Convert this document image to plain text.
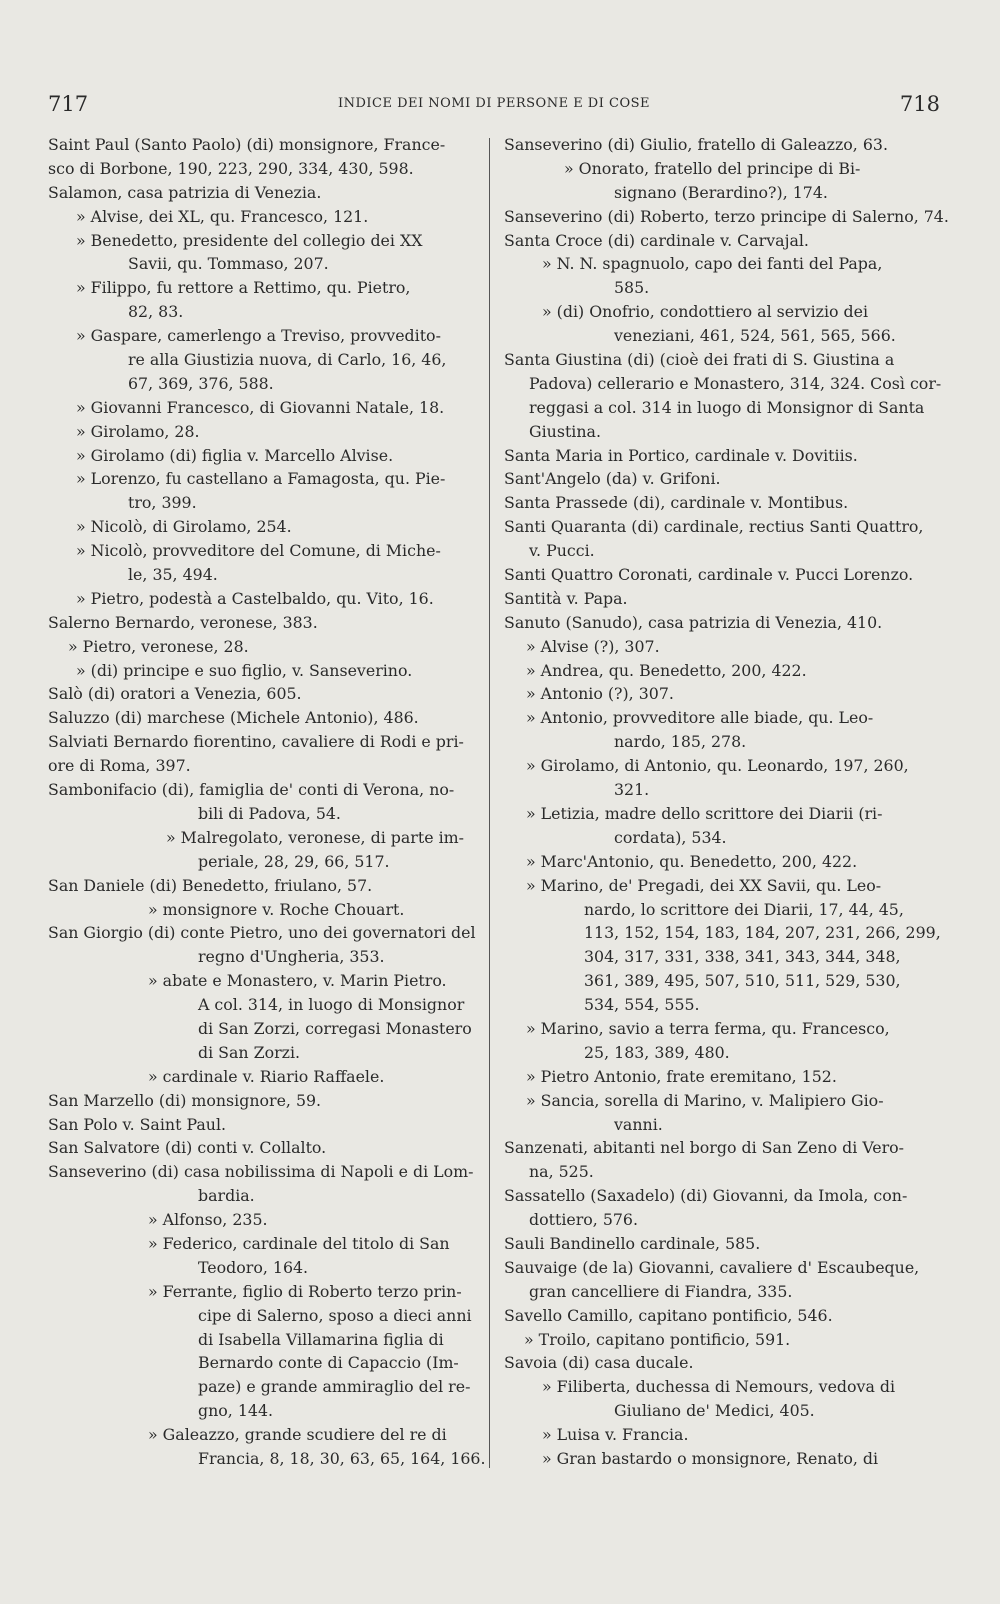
717	INDICE DEI NOMI DI PERSONE E DI COSE	718
Saint Paul (Santo Paolo) (di) monsignore, France-
sco di Borbone, 190, 223, 290, 334, 430, 598.
Salamon, casa patrizia di Venezia.
» Alvise, dei XL, qu. Francesco, 121.
» Benedetto, presidente del collegio dei XX
Savii, qu. Tommaso, 207.
» Filippo, fu rettore a Rettimo, qu. Pietro,
82, 83.
» Gaspare, camerlengo a Treviso, provvedito-
re alla Giustizia nuova, di Carlo, 16, 46,
67, 369, 376, 588.
» Giovanni Francesco, di Giovanni Natale, 18.
» Girolamo, 28.
» Girolamo (di) figlia v. Marcello Alvise.
» Lorenzo, fu castellano a Famagosta, qu. Pie-
tro, 399.
» Nicolò, di Girolamo, 254.
» Nicolò, provveditore del Comune, di Miche-
le, 35, 494.
» Pietro, podestà a Castelbaldo, qu. Vito, 16.
Salerno Bernardo, veronese, 383.
» Pietro, veronese, 28.
» (di) principe e suo figlio, v. Sanseverino.
Salò (di) oratori a Venezia, 605.
Saluzzo (di) marchese (Michele Antonio), 486.
Salviati Bernardo fiorentino, cavaliere di Rodi e pri-
ore di Roma, 397.
Sambonifacio (di), famiglia de' conti di Verona, no-
bili di Padova, 54.
» Malregolato, veronese, di parte im-
periale, 28, 29, 66, 517.
San Daniele (di) Benedetto, friulano, 57.
» monsignore v. Roche Chouart.
San Giorgio (di) conte Pietro, uno dei governatori del
regno d'Ungheria, 353.
» abate e Monastero, v. Marin Pietro.
A col. 314, in luogo di Monsignor
di San Zorzi, corregasi Monastero
di San Zorzi.
» cardinale v. Riario Raffaele.
San Marzello (di) monsignore, 59.
San Polo v. Saint Paul.
San Salvatore (di) conti v. Collalto.
Sanseverino (di) casa nobilissima di Napoli e di Lom-
bardia.
» Alfonso, 235.
» Federico, cardinale del titolo di San
Teodoro, 164.
» Ferrante, figlio di Roberto terzo prin-
cipe di Salerno, sposo a dieci anni
di Isabella Villamarina figlia di
Bernardo conte di Capaccio (Im-
paze) e grande ammiraglio del re-
gno, 144.
» Galeazzo, grande scudiere del re di
Francia, 8, 18, 30, 63, 65, 164, 166.
Sanseverino (di) Giulio, fratello di Galeazzo, 63.
» Onorato, fratello del principe di Bi-
signano (Berardino?), 174.
Sanseverino (di) Roberto, terzo principe di Salerno, 74.
Santa Croce (di) cardinale v. Carvajal.
» N. N. spagnuolo, capo dei fanti del Papa,
585.
» (di) Onofrio, condottiero al servizio dei
veneziani, 461, 524, 561, 565, 566.
Santa Giustina (di) (cioè dei frati di S. Giustina a
Padova) cellerario e Monastero, 314, 324. Così cor-
reggasi a col. 314 in luogo di Monsignor di Santa
Giustina.
Santa Maria in Portico, cardinale v. Dovitiis.
Sant'Angelo (da) v. Grifoni.
Santa Prassede (di), cardinale v. Montibus.
Santi Quaranta (di) cardinale, rectius Santi Quattro,
v. Pucci.
Santi Quattro Coronati, cardinale v. Pucci Lorenzo.
Santità v. Papa.
Sanuto (Sanudo), casa patrizia di Venezia, 410.
» Alvise (?), 307.
» Andrea, qu. Benedetto, 200, 422.
» Antonio (?), 307.
» Antonio, provveditore alle biade, qu. Leo-
nardo, 185, 278.
» Girolamo, di Antonio, qu. Leonardo, 197, 260,
321.
» Letizia, madre dello scrittore dei Diarii (ri-
cordata), 534.
» Marc'Antonio, qu. Benedetto, 200, 422.
» Marino, de' Pregadi, dei XX Savii, qu. Leo-
nardo, lo scrittore dei Diarii, 17, 44, 45,
113, 152, 154, 183, 184, 207, 231, 266, 299,
304, 317, 331, 338, 341, 343, 344, 348,
361, 389, 495, 507, 510, 511, 529, 530,
534, 554, 555.
» Marino, savio a terra ferma, qu. Francesco,
25, 183, 389, 480.
» Pietro Antonio, frate eremitano, 152.
» Sancia, sorella di Marino, v. Malipiero Gio-
vanni.
Sanzenati, abitanti nel borgo di San Zeno di Vero-
na, 525.
Sassatello (Saxadelo) (di) Giovanni, da Imola, con-
dottiero, 576.
Sauli Bandinello cardinale, 585.
Sauvaige (de la) Giovanni, cavaliere d' Escaubeque,
gran cancelliere di Fiandra, 335.
Savello Camillo, capitano pontificio, 546.
» Troilo, capitano pontificio, 591.
Savoia (di) casa ducale.
» Filiberta, duchessa di Nemours, vedova di
Giuliano de' Medici, 405.
» Luisa v. Francia.
» Gran bastardo o monsignore, Renato, di
